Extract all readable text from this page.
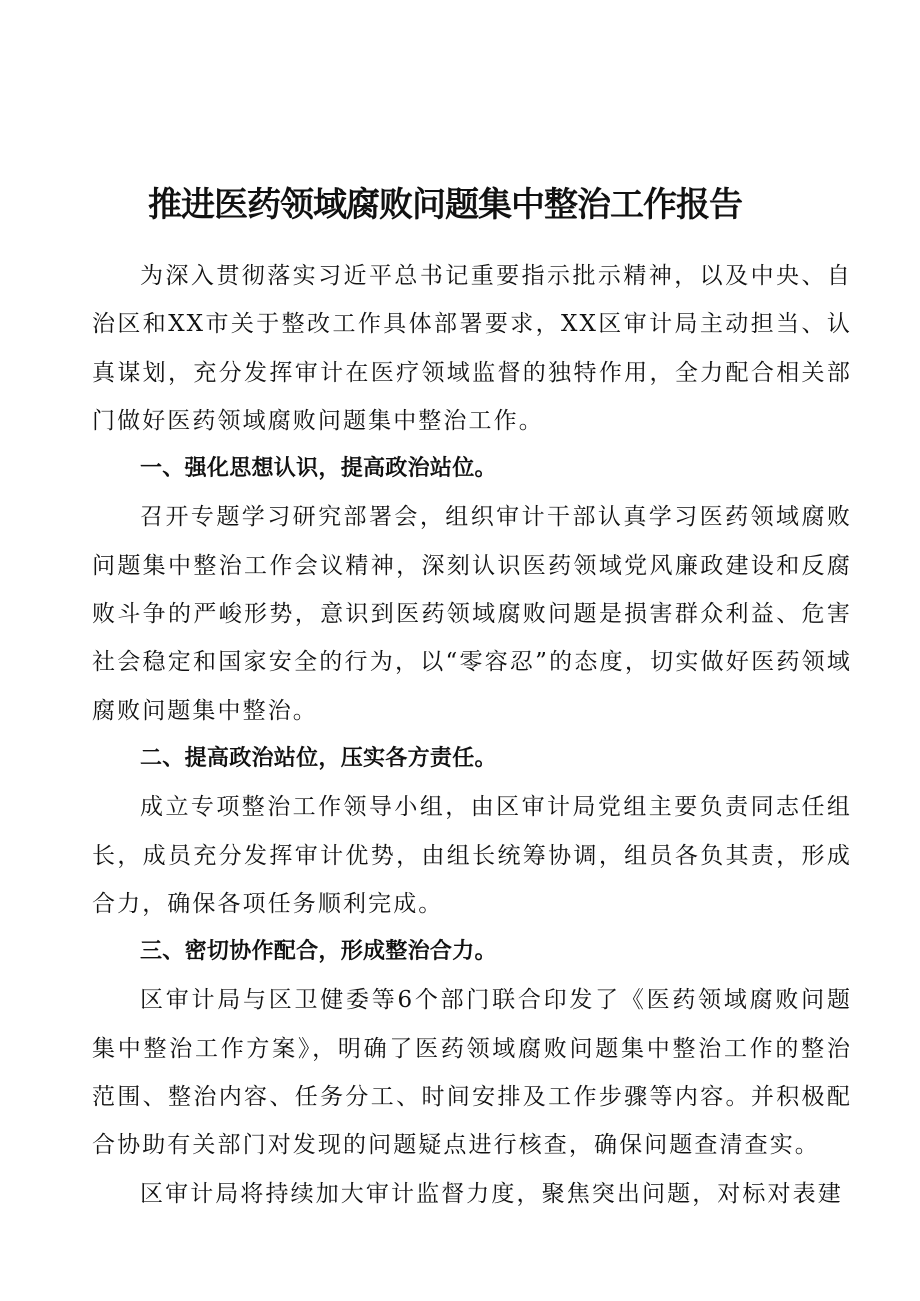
推进医药领域腐败问题集中整治工作报告

为深入贯彻落实习近平总书记重要指示批示精神，以及中央、自治区和XX市关于整改工作具体部署要求，XX区审计局主动担当、认真谋划，充分发挥审计在医疗领域监督的独特作用，全力配合相关部门做好医药领域腐败问题集中整治工作。

一、强化思想认识，提高政治站位。

召开专题学习研究部署会，组织审计干部认真学习医药领域腐败问题集中整治工作会议精神，深刻认识医药领域党风廉政建设和反腐败斗争的严峻形势，意识到医药领域腐败问题是损害群众利益、危害社会稳定和国家安全的行为，以“零容忍”的态度，切实做好医药领域腐败问题集中整治。

二、提高政治站位，压实各方责任。

成立专项整治工作领导小组，由区审计局党组主要负责同志任组长，成员充分发挥审计优势，由组长统筹协调，组员各负其责，形成合力，确保各项任务顺利完成。

三、密切协作配合，形成整治合力。

区审计局与区卫健委等6个部门联合印发了《医药领域腐败问题集中整治工作方案》，明确了医药领域腐败问题集中整治工作的整治范围、整治内容、任务分工、时间安排及工作步骤等内容。并积极配合协助有关部门对发现的问题疑点进行核查，确保问题查清查实。

区审计局将持续加大审计监督力度，聚焦突出问题，对标对表建
